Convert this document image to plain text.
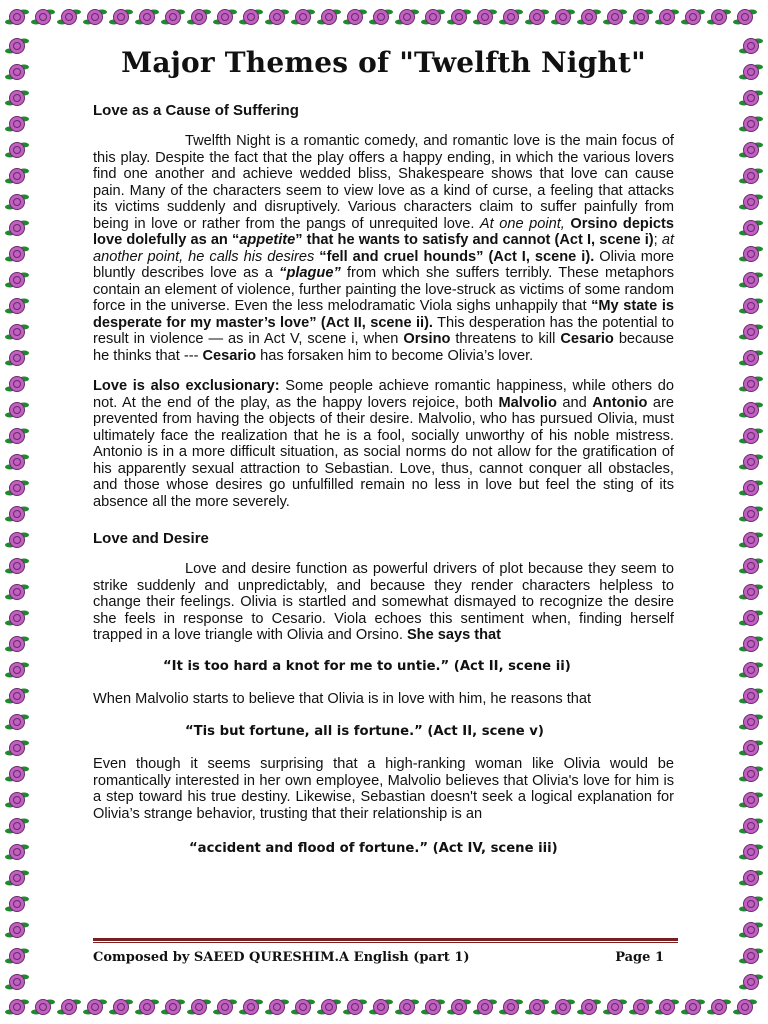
Major Themes of "Twelfth Night"
Love as a Cause of Suffering

Twelfth Night is a romantic comedy, and romantic love is the main focus of this play. Despite the fact that the play offers a happy ending, in which the various lovers find one another and achieve wedded bliss, Shakespeare shows that love can cause pain. Many of the characters seem to view love as a kind of curse, a feeling that attacks its victims suddenly and disruptively. Various characters claim to suffer painfully from being in love or rather from the pangs of unrequited love. At one point, Orsino depicts love dolefully as an “appetite” that he wants to satisfy and cannot (Act I, scene i); at another point, he calls his desires “fell and cruel hounds” (Act I, scene i). Olivia more bluntly describes love as a “plague” from which she suffers terribly. These metaphors contain an element of violence, further painting the love-struck as victims of some random force in the universe. Even the less melodramatic Viola sighs unhappily that “My state is desperate for my master’s love” (Act II, scene ii). This desperation has the potential to result in violence — as in Act V, scene i, when Orsino threatens to kill Cesario because he thinks that --- Cesario has forsaken him to become Olivia’s lover.

Love is also exclusionary: Some people achieve romantic happiness, while others do not. At the end of the play, as the happy lovers rejoice, both Malvolio and Antonio are prevented from having the objects of their desire. Malvolio, who has pursued Olivia, must ultimately face the realization that he is a fool, socially unworthy of his noble mistress. Antonio is in a more difficult situation, as social norms do not allow for the gratification of his apparently sexual attraction to Sebastian. Love, thus, cannot conquer all obstacles, and those whose desires go unfulfilled remain no less in love but feel the sting of its absence all the more severely.

Love and Desire

Love and desire function as powerful drivers of plot because they seem to strike suddenly and unpredictably, and because they render characters helpless to change their feelings. Olivia is startled and somewhat dismayed to recognize the desire she feels in response to Cesario. Viola echoes this sentiment when, finding herself trapped in a love triangle with Olivia and Orsino. She says that

“It is too hard a knot for me to untie.” (Act II, scene ii)

When Malvolio starts to believe that Olivia is in love with him, he reasons that

“Tis but fortune, all is fortune.” (Act II, scene v)

Even though it seems surprising that a high-ranking woman like Olivia would be romantically interested in her own employee, Malvolio believes that Olivia's love for him is a step toward his true destiny. Likewise, Sebastian doesn't seek a logical explanation for Olivia’s strange behavior, trusting that their relationship is an

“accident and flood of fortune.” (Act IV, scene iii)

Composed by SAEED QURESHIM.A English (part 1)	Page 1
